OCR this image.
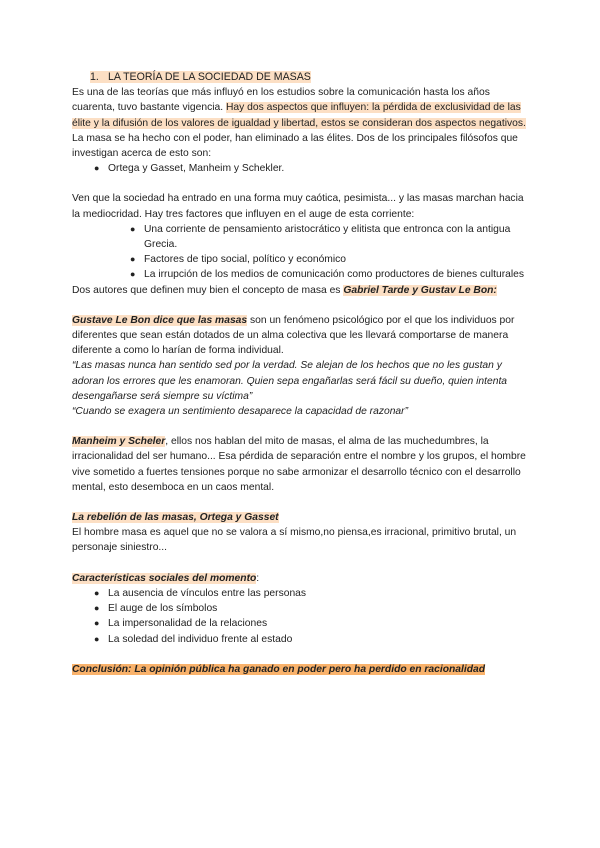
1. LA TEORÍA DE LA SOCIEDAD DE MASAS

Es una de las teorías que más influyó en los estudios sobre la comunicación hasta los años cuarenta, tuvo bastante vigencia. Hay dos aspectos que influyen: la pérdida de exclusividad de las élite y la difusión de los valores de igualdad y libertad, estos se consideran dos aspectos negativos. La masa se ha hecho con el poder, han eliminado a las élites. Dos de los principales filósofos que investigan acerca de esto son:

● Ortega y Gasset, Manheim y Schekler.

Ven que la sociedad ha entrado en una forma muy caótica, pesimista... y las masas marchan hacia la mediocridad. Hay tres factores que influyen en el auge de esta corriente:

● Una corriente de pensamiento aristocrático y elitista que entronca con la antigua Grecia.
● Factores de tipo social, político y económico
● La irrupción de los medios de comunicación como productores de bienes culturales

Dos autores que definen muy bien el concepto de masa es Gabriel Tarde y Gustav Le Bon:

Gustave Le Bon dice que las masas son un fenómeno psicológico por el que los individuos por diferentes que sean están dotados de un alma colectiva que les llevará comportarse de manera diferente a como lo harían de forma individual.

“Las masas nunca han sentido sed por la verdad. Se alejan de los hechos que no les gustan y adoran los errores que les enamoran. Quien sepa engañarlas será fácil su dueño, quien intenta desengañarse será siempre su víctima”

“Cuando se exagera un sentimiento desaparece la capacidad de razonar”

Manheim y Scheler, ellos nos hablan del mito de masas, el alma de las muchedumbres, la irracionalidad del ser humano... Esa pérdida de separación entre el nombre y los grupos, el hombre vive sometido a fuertes tensiones porque no sabe armonizar el desarrollo técnico con el desarrollo mental, esto desemboca en un caos mental.

La rebelión de las masas, Ortega y Gasset

El hombre masa es aquel que no se valora a sí mismo,no piensa,es irracional, primitivo brutal, un personaje siniestro...

Características sociales del momento:

● La ausencia de vínculos entre las personas
● El auge de los símbolos
● La impersonalidad de la relaciones
● La soledad del individuo frente al estado

Conclusión: La opinión pública ha ganado en poder pero ha perdido en racionalidad
